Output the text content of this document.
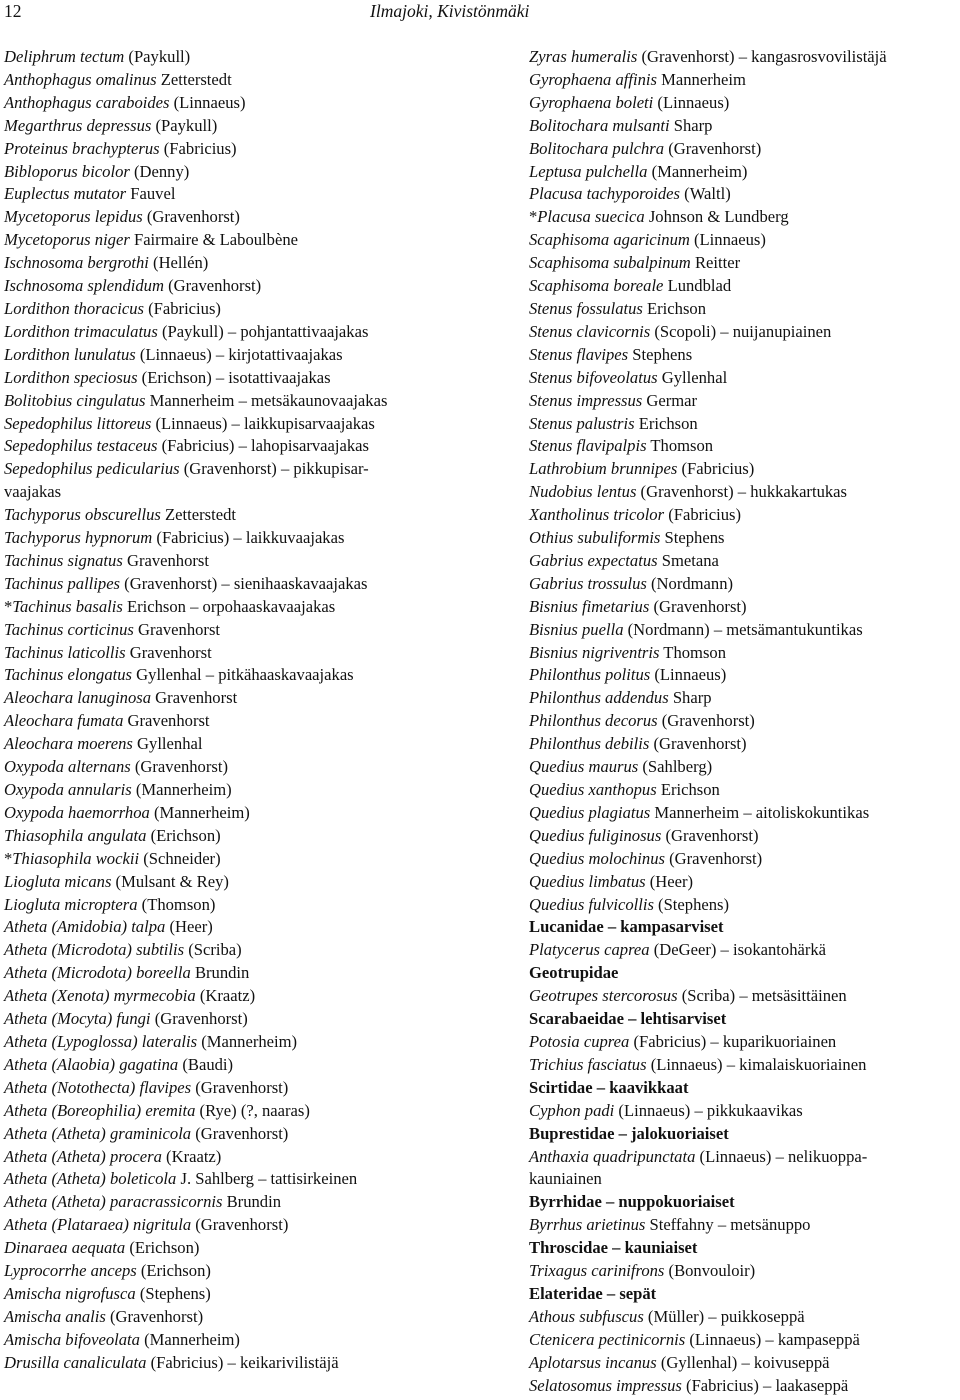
12	Ilmajoki, Kivistönmäki
Deliphrum tectum (Paykull)
Anthophagus omalinus Zetterstedt
Anthophagus caraboides (Linnaeus)
Megarthrus depressus (Paykull)
Proteinus brachypterus (Fabricius)
Bibloporus bicolor (Denny)
Euplectus mutator Fauvel
Mycetoporus lepidus (Gravenhorst)
Mycetoporus niger Fairmaire & Laboulbène
Ischnosoma bergrothi (Hellén)
Ischnosoma splendidum (Gravenhorst)
Lordithon thoracicus (Fabricius)
Lordithon trimaculatus (Paykull) – pohjantattivaajakas
Lordithon lunulatus (Linnaeus) – kirjotattivaajakas
Lordithon speciosus (Erichson) – isotattivaajakas
Bolitobius cingulatus Mannerheim – metsäkaunovaajakas
Sepedophilus littoreus (Linnaeus) – laikkupisarvaajakas
Sepedophilus testaceus (Fabricius) – lahopisarvaajakas
Sepedophilus pedicularius (Gravenhorst) – pikkupisar-
vaajakas
Tachyporus obscurellus Zetterstedt
Tachyporus hypnorum (Fabricius) – laikkuvaajakas
Tachinus signatus Gravenhorst
Tachinus pallipes (Gravenhorst) – sienihaaskavaajakas
*Tachinus basalis Erichson – orpohaaskavaajakas
Tachinus corticinus Gravenhorst
Tachinus laticollis Gravenhorst
Tachinus elongatus Gyllenhal – pitkähaaskavaajakas
Aleochara lanuginosa Gravenhorst
Aleochara fumata Gravenhorst
Aleochara moerens Gyllenhal
Oxypoda alternans (Gravenhorst)
Oxypoda annularis (Mannerheim)
Oxypoda haemorrhoa (Mannerheim)
Thiasophila angulata (Erichson)
*Thiasophila wockii (Schneider)
Liogluta micans (Mulsant & Rey)
Liogluta microptera (Thomson)
Atheta (Amidobia) talpa (Heer)
Atheta (Microdota) subtilis (Scriba)
Atheta (Microdota) boreella Brundin
Atheta (Xenota) myrmecobia (Kraatz)
Atheta (Mocyta) fungi (Gravenhorst)
Atheta (Lypoglossa) lateralis (Mannerheim)
Atheta (Alaobia) gagatina (Baudi)
Atheta (Notothecta) flavipes (Gravenhorst)
Atheta (Boreophilia) eremita (Rye) (?, naaras)
Atheta (Atheta) graminicola (Gravenhorst)
Atheta (Atheta) procera (Kraatz)
Atheta (Atheta) boleticola J. Sahlberg – tattisirkeinen
Atheta (Atheta) paracrassicornis Brundin
Atheta (Plataraea) nigritula (Gravenhorst)
Dinaraea aequata (Erichson)
Lyprocorrhe anceps (Erichson)
Amischa nigrofusca (Stephens)
Amischa analis (Gravenhorst)
Amischa bifoveolata (Mannerheim)
Drusilla canaliculata (Fabricius) – keikarivilistäjä
Zyras humeralis (Gravenhorst) – kangasrosvovilistäjä
Gyrophaena affinis Mannerheim
Gyrophaena boleti (Linnaeus)
Bolitochara mulsanti Sharp
Bolitochara pulchra (Gravenhorst)
Leptusa pulchella (Mannerheim)
Placusa tachyporoides (Waltl)
*Placusa suecica Johnson & Lundberg
Scaphisoma agaricinum (Linnaeus)
Scaphisoma subalpinum Reitter
Scaphisoma boreale Lundblad
Stenus fossulatus Erichson
Stenus clavicornis (Scopoli) – nuijanupiainen
Stenus flavipes Stephens
Stenus bifoveolatus Gyllenhal
Stenus impressus Germar
Stenus palustris Erichson
Stenus flavipalpis Thomson
Lathrobium brunnipes (Fabricius)
Nudobius lentus (Gravenhorst) – hukkakartukas
Xantholinus tricolor (Fabricius)
Othius subuliformis Stephens
Gabrius expectatus Smetana
Gabrius trossulus (Nordmann)
Bisnius fimetarius (Gravenhorst)
Bisnius puella (Nordmann) – metsämantukuntikas
Bisnius nigriventris Thomson
Philonthus politus (Linnaeus)
Philonthus addendus Sharp
Philonthus decorus (Gravenhorst)
Philonthus debilis (Gravenhorst)
Quedius maurus (Sahlberg)
Quedius xanthopus Erichson
Quedius plagiatus Mannerheim – aitoliskokuntikas
Quedius fuliginosus (Gravenhorst)
Quedius molochinus (Gravenhorst)
Quedius limbatus (Heer)
Quedius fulvicollis (Stephens)
Lucanidae – kampasarviset
Platycerus caprea (DeGeer) – isokantohärkä
Geotrupidae
Geotrupes stercorosus (Scriba) – metsäsittäinen
Scarabaeidae – lehtisarviset
Potosia cuprea (Fabricius) – kuparikuoriainen
Trichius fasciatus (Linnaeus) – kimalaiskuoriainen
Scirtidae – kaavikkaat
Cyphon padi (Linnaeus) – pikkukaavikas
Buprestidae – jalokuoriaiset
Anthaxia quadripunctata (Linnaeus) – nelikuoppa-
kauniainen
Byrrhidae – nuppokuoriaiset
Byrrhus arietinus Steffahny – metsänuppo
Throscidae – kauniaiset
Trixagus carinifrons (Bonvouloir)
Elateridae – sepät
Athous subfuscus (Müller) – puikkoseppä
Ctenicera pectinicornis (Linnaeus) – kampaseppä
Aplotarsus incanus (Gyllenhal) – koivuseppä
Selatosomus impressus (Fabricius) – laakaseppä
